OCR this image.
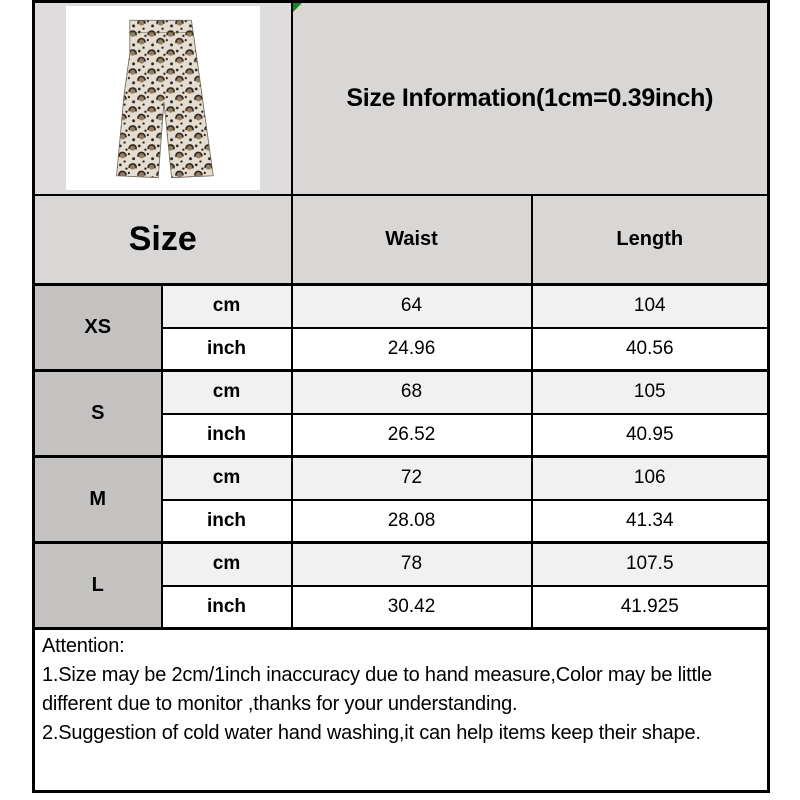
Size Information(1cm=0.39inch)	
Size		Waist	Length
XS	cm	64	104
	inch	24.96	40.56
S	cm	68	105
	inch	26.52	40.95
M	cm	72	106
	inch	28.08	41.34
L	cm	78	107.5
	inch	30.42	41.925

Attention:
1.Size may be 2cm/1inch inaccuracy due to hand measure,Color may be little different due to monitor ,thanks for your understanding.
2.Suggestion of cold water hand washing,it can help items keep their shape.			
